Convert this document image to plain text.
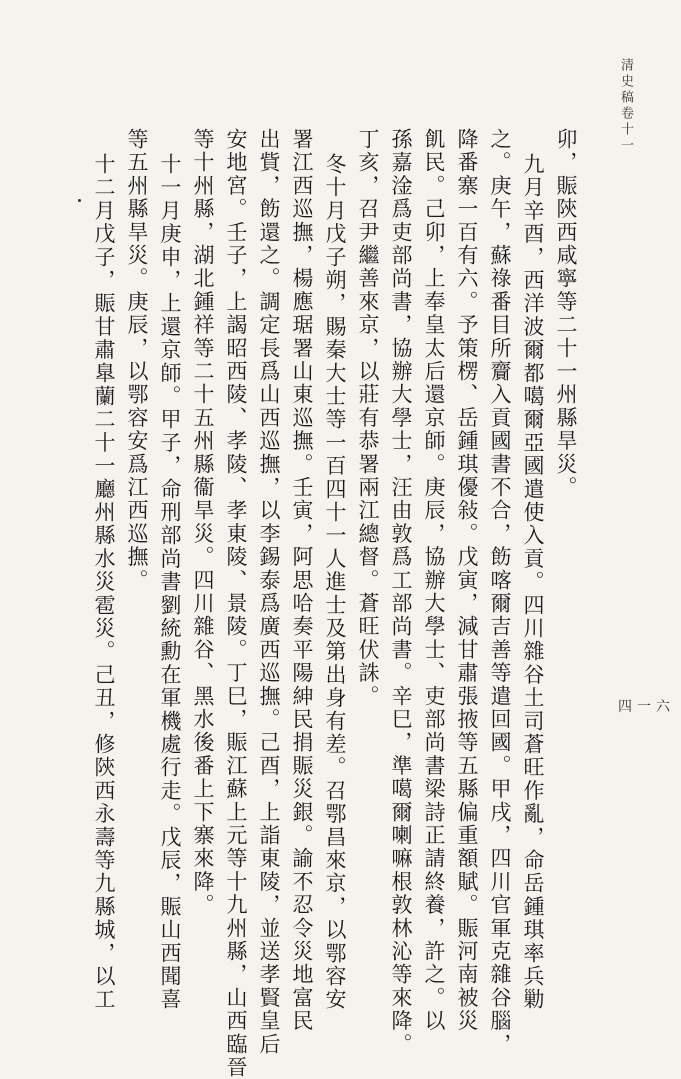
清史稿卷十一
四一六
卯，賑陝西咸寧等二十一州縣旱災。
九月辛酉，西洋波爾都噶爾亞國遣使入貢。四川雜谷土司蒼旺作亂，命岳鍾琪率兵勦
之。庚午，蘇祿番目所齎入貢國書不合，飭喀爾吉善等遣回國。甲戌，四川官軍克雜谷腦，
降番寨一百有六。予策楞、岳鍾琪優敍。戊寅，減甘肅張掖等五縣偏重額賦。賑河南被災
飢民。己卯，上奉皇太后還京師。庚辰，協辦大學士、吏部尚書梁詩正請終養，許之。以
孫嘉淦爲吏部尚書，協辦大學士，汪由敦爲工部尚書。辛巳，準噶爾喇嘛根敦林沁等來降。
丁亥，召尹繼善來京，以莊有恭署兩江總督。蒼旺伏誅。
冬十月戊子朔，賜秦大士等一百四十一人進士及第出身有差。召鄂昌來京，以鄂容安
署江西巡撫，楊應琚署山東巡撫。壬寅，阿思哈奏平陽紳民捐賑災銀。諭不忍令災地富民
出貲，飭還之。調定長爲山西巡撫，以李錫泰爲廣西巡撫。己酉，上詣東陵，並送孝賢皇后
安地宮。壬子，上謁昭西陵、孝陵、孝東陵、景陵。丁巳，賑江蘇上元等十九州縣，山西臨晉
等十州縣，湖北鍾祥等二十五州縣衞旱災。四川雜谷、黑水後番上下寨來降。
十一月庚申，上還京師。甲子，命刑部尚書劉統勳在軍機處行走。戊辰，賑山西聞喜
等五州縣旱災。庚辰，以鄂容安爲江西巡撫。
十二月戊子，賑甘肅臯蘭二十一廳州縣水災雹災。己丑，修陝西永壽等九縣城，以工
